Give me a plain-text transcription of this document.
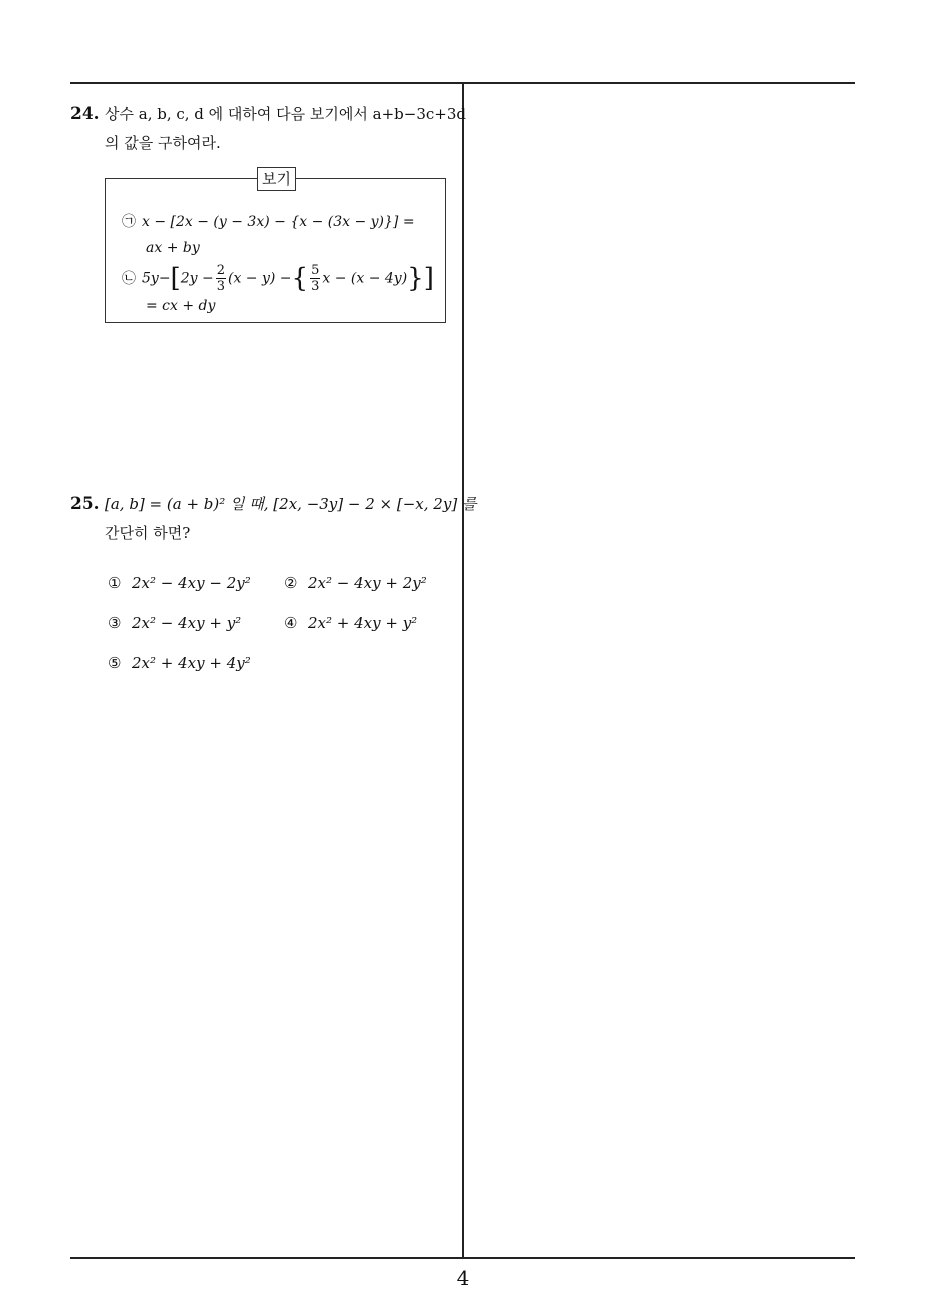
24. 상수 a, b, c, d 에 대하여 다음 보기에서 a+b−3c+3d
의 값을 구하여라.
보기
㉠ x − [2x − (y − 3x) − {x − (3x − y)}] =
ax + by
㉡ $5y-[2y - \frac{2}{3} (x - y)$ −{ $\frac{5}{3}$ x − (x − 4y)}]
= cx + dy
25. [a, b] = (a + b)² 일 때, [2x, −3y] − 2 × [−x, 2y] 를
간단히 하면?
① 2x² − 4xy − 2y² ② 2x² − 4xy + 2y²
③ 2x² − 4xy + y²	④ 2x² + 4xy + y²
⑤ 2x² + 4xy + 4y²
4
